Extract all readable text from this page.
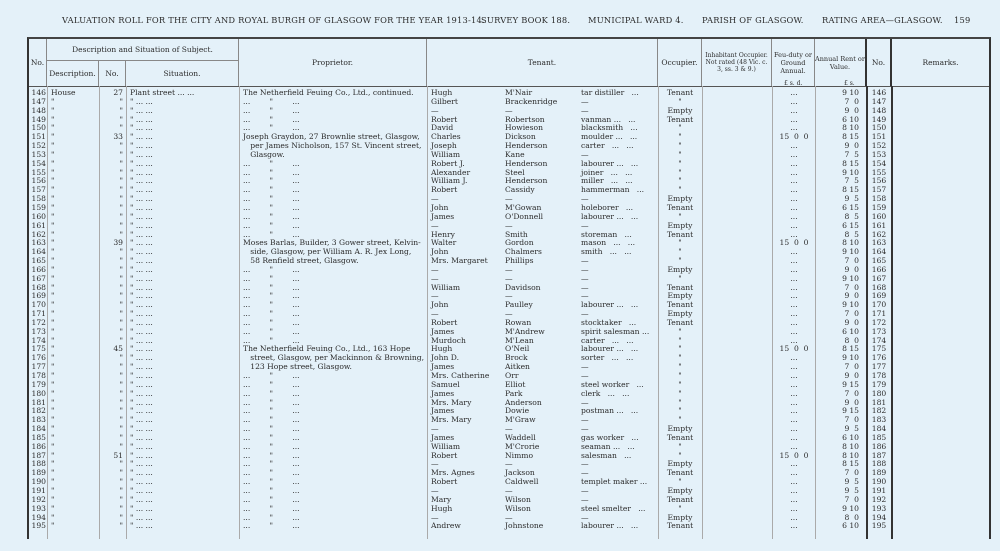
VALUATION ROLL FOR THE CITY AND ROYAL BURGH OF GLASGOW FOR THE YEAR 1913-14.
SURVEY BOOK 188. MUNICIPAL WARD 4. PARISH OF GLASGOW. RATING AREA—GLASGOW. 159
No.
Description and Situation of Subject.
Description.	No.	Situation.
Proprietor.	Tenant.	Occupier.
Inhabitant Occupier. Not rated (48 Vic. c. 3, ss. 3 & 9.)
Feu-duty or Ground Annual.
Annual Rent or Value.	No.	Remarks.
£ s. d.	£ s.
146 House	27 Plant street ... ...	The Netherfield Feuing Co., Ltd., continued.	Hugh	M'Nair	tar distiller   ...	Tenant	...	9 10	146
147 "	" " ... ...	...        "        ...	Gilbert	Brackenridge	—	"	...	7  0	147
148 "	" " ... ...	...        "        ...	—	—	—	Empty	...	9  0	148
149 "	" " ... ...	...        "        ...	Robert	Robertson	vanman ...   ...	Tenant	...	6 10	149
150 "	" " ... ...	...        "        ...	David	Howieson	blacksmith   ...	"	...	8 10	150
151 "	33 " ... ...	Joseph Graydon, 27 Brownlie street, Glasgow,	Charles	Dickson	moulder ...   ...	"	15  0  0	8 15	151
152 "	" " ... ...	per James Nicholson, 157 St. Vincent street,	Joseph	Henderson	carter   ...   ...	"	...	9  0	152
153 "	" " ... ...	Glasgow.	William	Kane	—	"	...	7  5	153
154 "	" " ... ...	...        "        ...	Robert J.	Henderson	labourer ...   ...	"	...	8 15	154
155 "	" " ... ...	...        "        ...	Alexander	Steel	joiner   ...   ...	"	...	9 10	155
156 "	" " ... ...	...        "        ...	William J.	Henderson	miller   ...   ...	"	...	7  5	156
157 "	" " ... ...	...        "        ...	Robert	Cassidy	hammerman   ...	"	...	8 15	157
158 "	" " ... ...	...        "        ...	—	—	—	Empty	...	9  5	158
159 "	" " ... ...	...        "        ...	John	M'Gowan	holeborer   ...	Tenant	...	6 15	159
160 "	" " ... ...	...        "        ...	James	O'Donnell	labourer ...   ...	"	...	8  5	160
161 "	" " ... ...	...        "        ...	—	—	—	Empty	...	6 15	161
162 "	" " ... ...	...        "        ...	Henry	Smith	storeman   ...	Tenant	...	8  5	162
163 "	39 " ... ...	Moses Barlas, Builder, 3 Gower street, Kelvin-	Walter	Gordon	mason   ...   ...	"	15  0  0	8 10	163
164 "	" " ... ...	side, Glasgow, per William A. R. Jex Long,	John	Chalmers	smith   ...   ...	"	...	9 10	164
165 "	" " ... ...	58 Renfield street, Glasgow.	Mrs. Margaret	Phillips	—	"	...	7  0	165
166 "	" " ... ...	...        "        ...	—	—	—	Empty	...	9  0	166
167 "	" " ... ...	...        "        ...	—	—	—	"	...	9 10	167
168 "	" " ... ...	...        "        ...	William	Davidson	—	Tenant	...	7  0	168
169 "	" " ... ...	...        "        ...	—	—	—	Empty	...	9  0	169
170 "	" " ... ...	...        "        ...	John	Paulley	labourer ...   ...	Tenant	...	9 10	170
171 "	" " ... ...	...        "        ...	—	—	—	Empty	...	7  0	171
172 "	" " ... ...	...        "        ...	Robert	Rowan	stocktaker   ...	Tenant	...	9  0	172
173 "	" " ... ...	...        "        ...	James	M'Andrew	spirit salesman ...	"	...	6 10	173
174 "	" " ... ...	...        "        ...	Murdoch	M'Lean	carter   ...   ...	"	...	8  0	174
175 "	45 " ... ...	The Netherfield Feuing Co., Ltd., 163 Hope	Hugh	O'Neil	labourer ...   ...	"	15  0  0	8 15	175
176 "	" " ... ...	street, Glasgow, per Mackinnon & Browning, John D.	Brock	sorter   ...   ...	"	...	9 10	176
177 "	" " ... ...	123 Hope street, Glasgow.	James	Aitken	—	"	...	7  0	177
178 "	" " ... ...	...        "        ...	Mrs. Catherine	Orr	—	"	...	9  0	178
179 "	" " ... ...	...        "        ...	Samuel	Elliot	steel worker   ...	"	...	9 15	179
180 "	" " ... ...	...        "        ...	James	Park	clerk   ...   ...	"	...	7  0	180
181 "	" " ... ...	...        "        ...	Mrs. Mary	Anderson	—	"	...	9  0	181
182 "	" " ... ...	...        "        ...	James	Dowie	postman ...   ...	"	...	9 15	182
183 "	" " ... ...	...        "        ...	Mrs. Mary	M'Graw	—	"	...	7  0	183
184 "	" " ... ...	...        "        ...	—	—	—	Empty	...	9  5	184
185 "	" " ... ...	...        "        ...	James	Waddell	gas worker   ...	Tenant	...	6 10	185
186 "	" " ... ...	...        "        ...	William	M'Crorie	seaman ...   ...	"	...	8 10	186
187 "	51 " ... ...	...        "        ...	Robert	Nimmo	salesman   ...	"	15  0  0	8 10	187
188 "	" " ... ...	...        "        ...	—	—	—	Empty	...	8 15	188
189 "	" " ... ...	...        "        ...	Mrs. Agnes	Jackson	—	Tenant	...	7  0	189
190 "	" " ... ...	...        "        ...	Robert	Caldwell	templet maker ...	"	...	9  5	190
191 "	" " ... ...	...        "        ...	—	—	—	Empty	...	9  5	191
192 "	" " ... ...	...        "        ...	Mary	Wilson	—	Tenant	...	7  0	192
193 "	" " ... ...	...        "        ...	Hugh	Wilson	steel smelter   ...	"	...	9 10	193
194 "	" " ... ...	...        "        ...	—	—	—	Empty	...	8  0	194
195 "	" " ... ...	...        "        ...	Andrew	Johnstone	labourer ...   ...	Tenant	...	6 10	195
